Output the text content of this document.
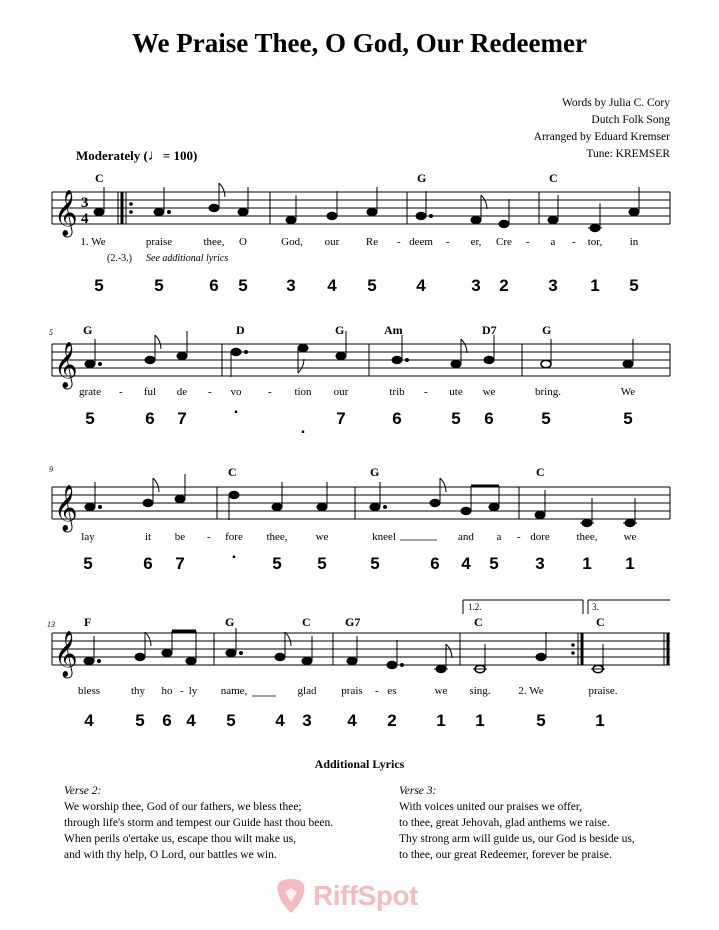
We Praise Thee, O God, Our Redeemer
Words by Julia C. Cory
Dutch Folk Song
Arranged by Eduard Kremser
Tune: KREMSER
Moderately (♩= 100)
𝄞 3
4
C	G	C
1. We	praise	thee, O	God, our Re - deem - er, Cre - a - tor, in
(2.-3.) See additional lyrics
5	5	6 5 3 4 5 4	3 2 3 1 5
𝄞
5	G	D	G	Am	D7	G
grate - ful de - vo - tion our	trib - ute we	bring.	We
5	6 7 .
.	7	6	5 6	5	5
𝄞
9	C	G	C
lay	it be - fore thee,	we	kneel	and a - dore thee, we
5	6 7 .	5 5	5	6 4 5 3 1 1
𝄞
1.2.	3.
13 F	G	C	G7	C	C
bless	thy ho - ly name,	glad prais - es	we sing.	2. We	praise.
4 5 6 4 5 4 3 4 2 1 1	5	1
Additional Lyrics
Verse 2:
We worship thee, God of our fathers, we bless thee;
through life's storm and tempest our Guide hast thou been.
When perils o'ertake us, escape thou wilt make us,
and with thy help, O Lord, our battles we win.
Verse 3:
With voices united our praises we offer,
to thee, great Jehovah, glad anthems we raise.
Thy strong arm will guide us, our God is beside us,
to thee, our great Redeemer, forever be praise.
RiffSpot
